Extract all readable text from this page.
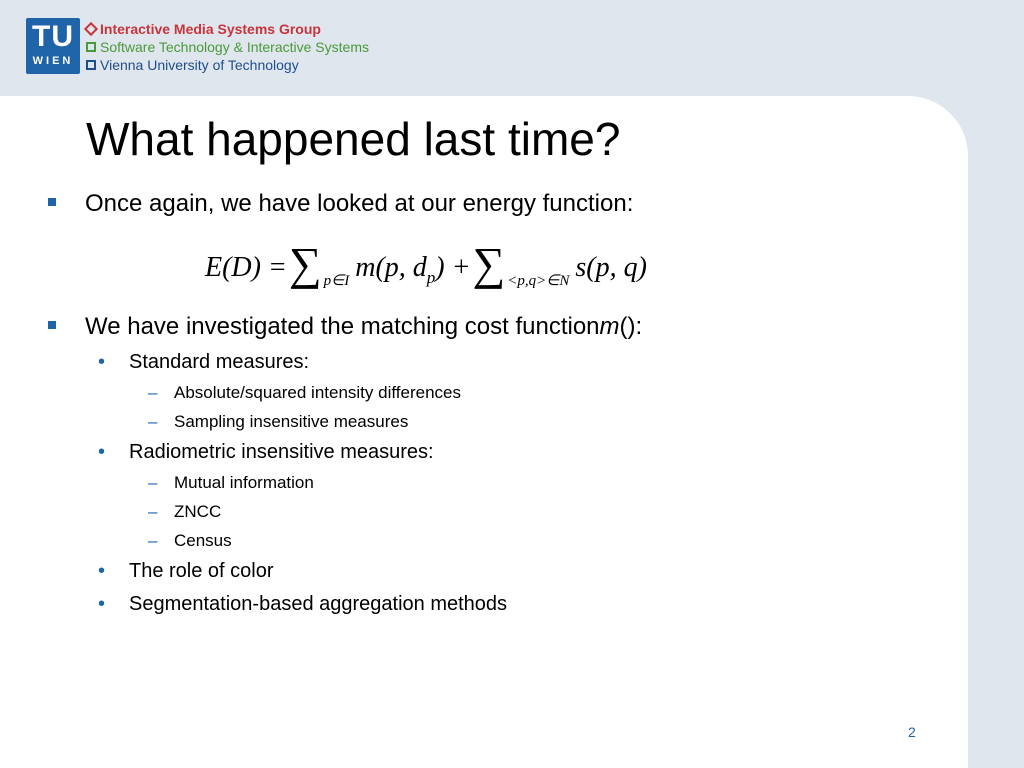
TU
WIEN
Interactive Media Systems Group
Software Technology & Interactive Systems
Vienna University of Technology
What happened last time?
Once again, we have looked at our energy function:
E(D) = ∑ p∈I m(p, d p ) + ∑ <p,q>∈N s(p, q)
We have investigated the matching cost function m ():
•	Standard measures:
– Absolute/squared intensity differences
– Sampling insensitive measures
•	Radiometric insensitive measures:
– Mutual information
– ZNCC
– Census
•	The role of color
•	Segmentation-based aggregation methods
2
